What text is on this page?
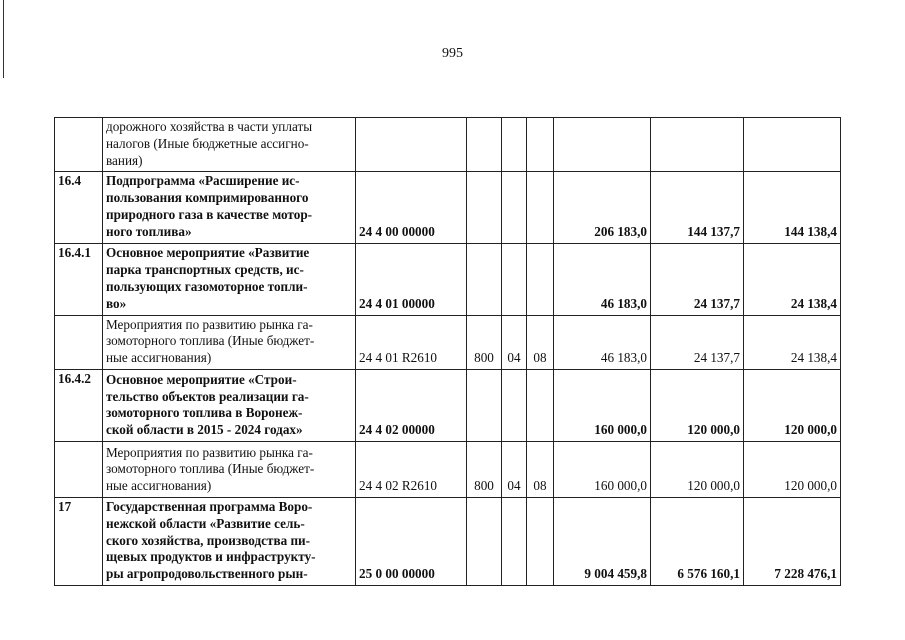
995
	дорожного хозяйства в части уплаты
налогов (Иные бюджетные ассигно-
вания)							
16.4	Подпрограмма «Расширение ис-
пользования компримированного
природного газа в качестве мотор-
ного топлива»	24 4 00 00000				206 183,0	144 137,7	144 138,4
16.4.1	Основное мероприятие «Развитие
парка транспортных средств, ис-
пользующих газомоторное топли-
во»	24 4 01 00000				46 183,0	24 137,7	24 138,4
	Мероприятия по развитию рынка га-
зомоторного топлива (Иные бюджет-
ные ассигнования)	24 4 01 R2610	800	04	08	46 183,0	24 137,7	24 138,4
16.4.2	Основное мероприятие «Строи-
тельство объектов реализации га-
зомоторного топлива в Воронеж-
ской области в 2015 - 2024 годах»	24 4 02 00000				160 000,0	120 000,0	120 000,0
	Мероприятия по развитию рынка га-
зомоторного топлива (Иные бюджет-
ные ассигнования)	24 4 02 R2610	800	04	08	160 000,0	120 000,0	120 000,0
17	Государственная программа Воро-
нежской области «Развитие сель-
ского хозяйства, производства пи-
щевых продуктов и инфраструкту-
ры агропродовольственного рын-	25 0 00 00000				9 004 459,8	6 576 160,1	7 228 476,1
